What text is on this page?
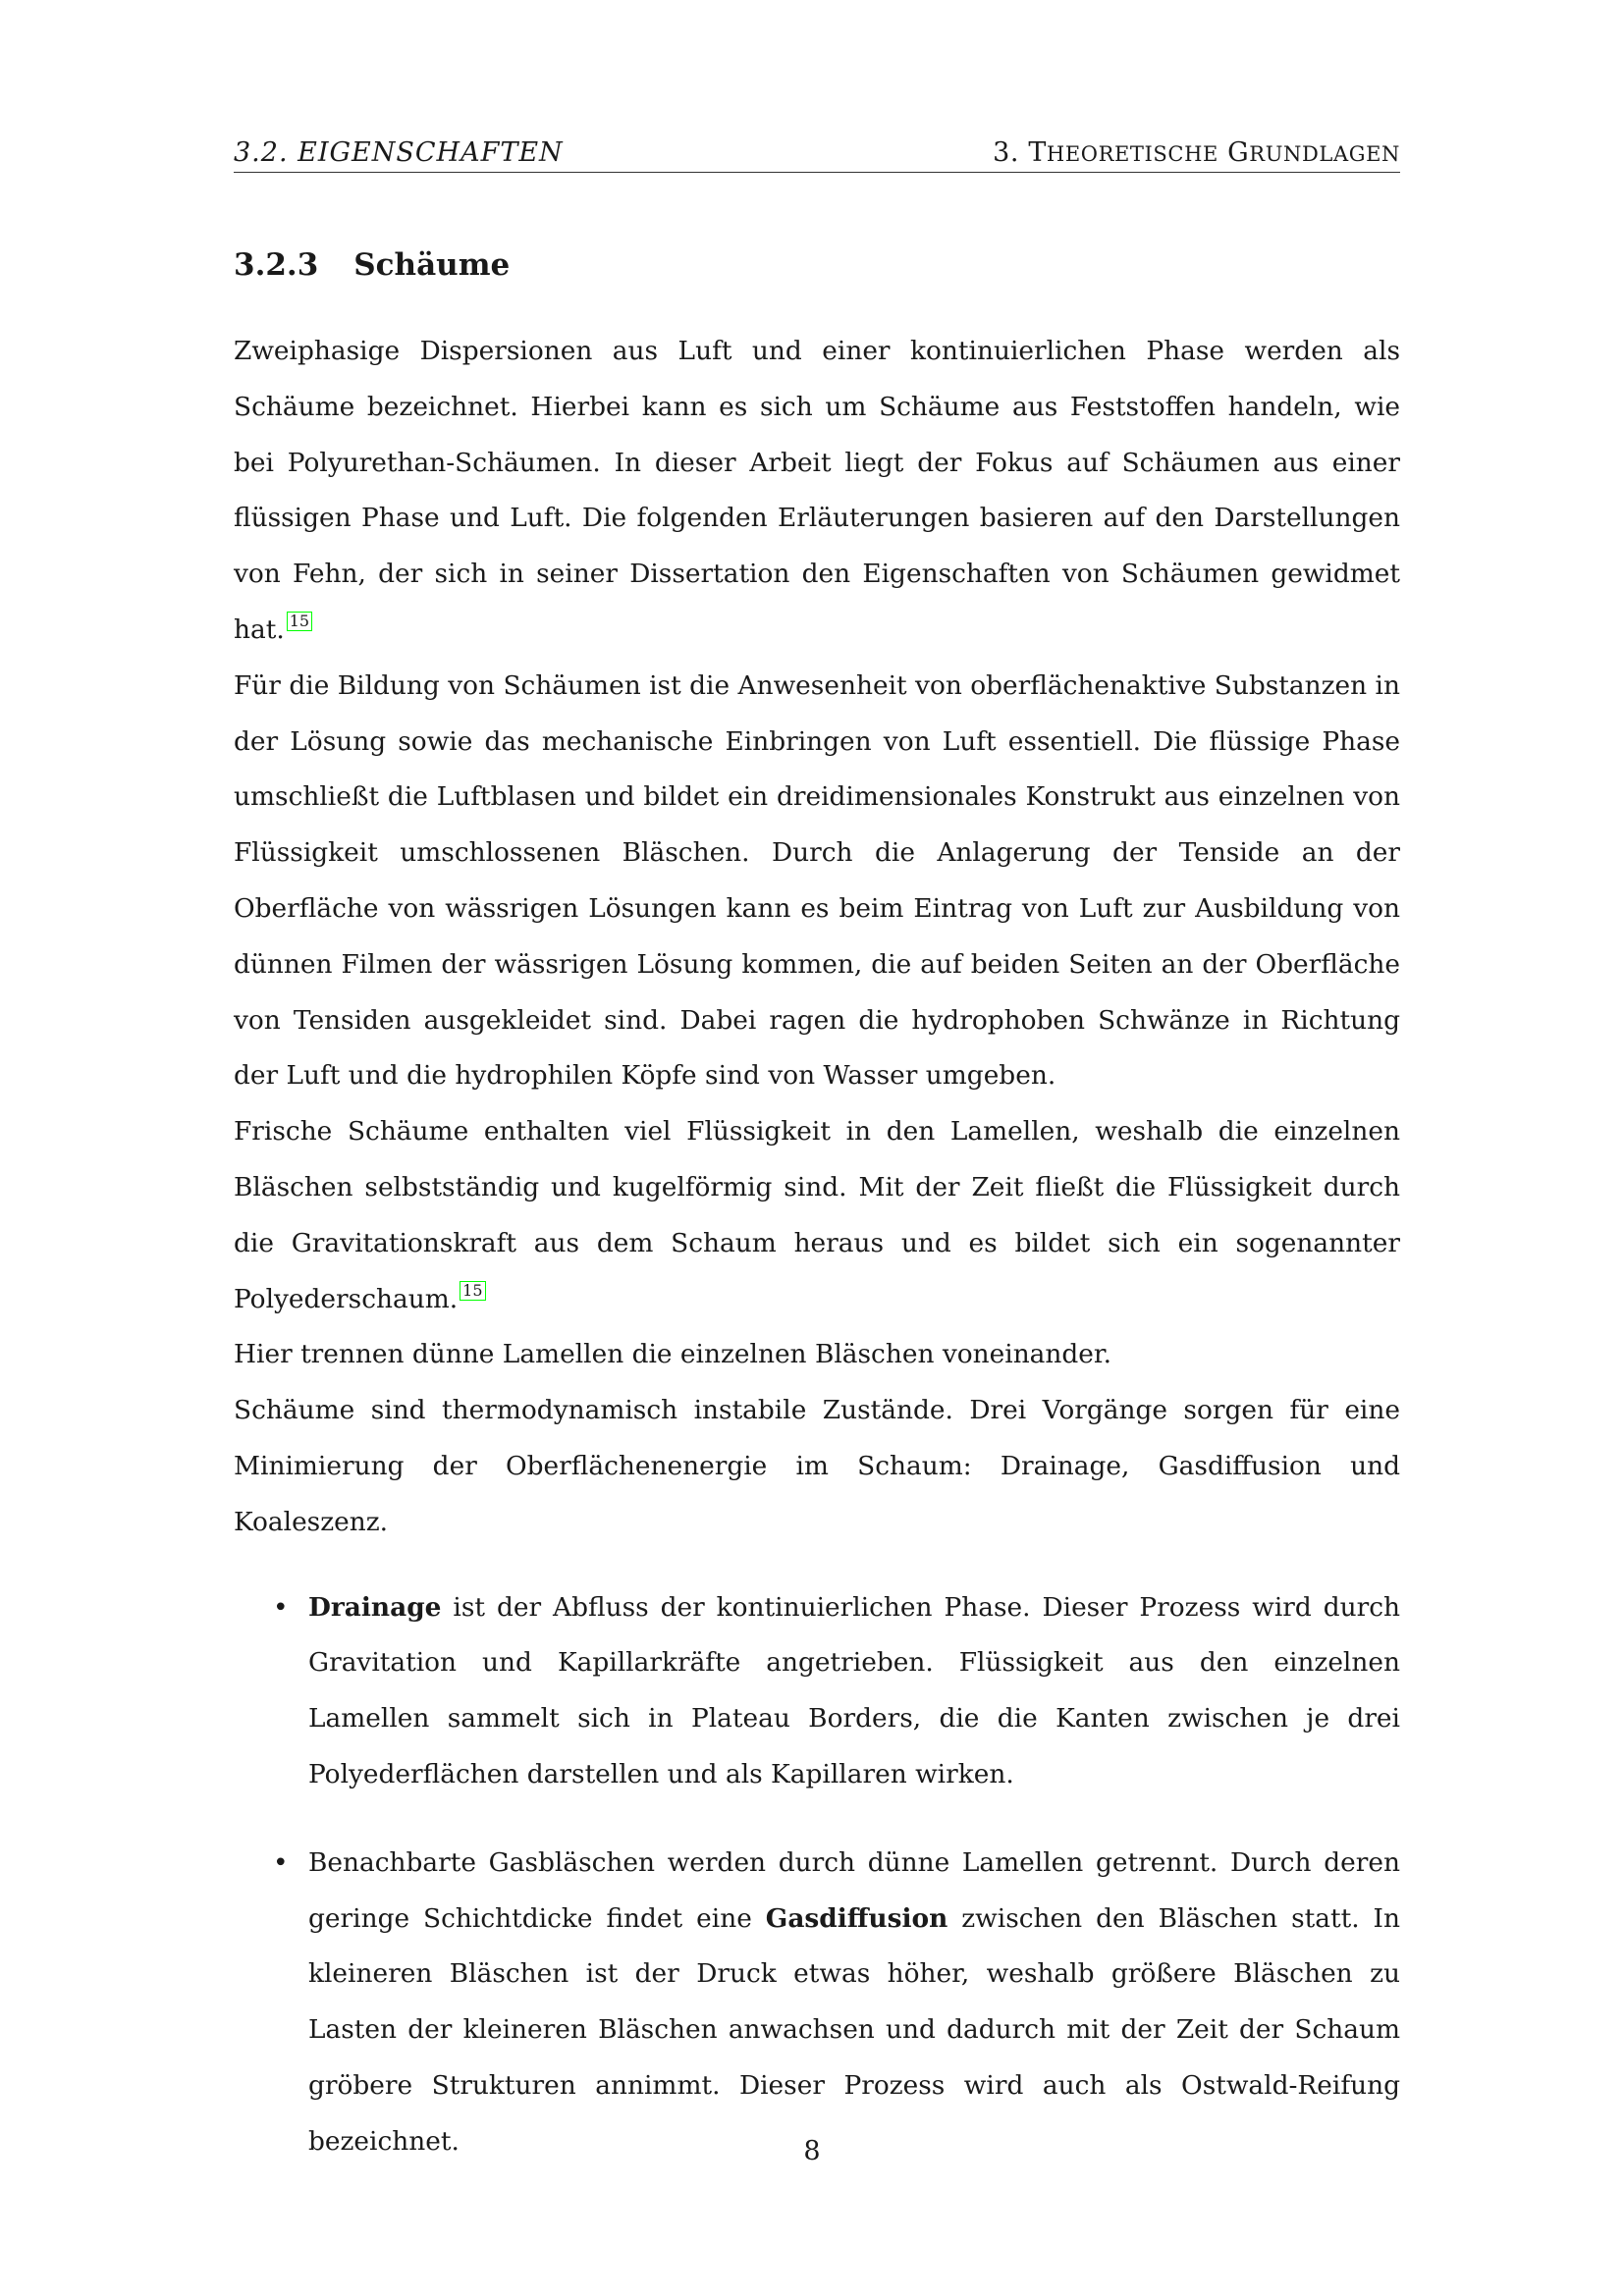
3.2. EIGENSCHAFTEN	3. THEORETISCHE GRUNDLAGEN
3.2.3 Schäume

Zweiphasige Dispersionen aus Luft und einer kontinuierlichen Phase werden als Schäume bezeichnet. Hierbei kann es sich um Schäume aus Feststoffen handeln, wie bei Polyurethan-Schäumen. In dieser Arbeit liegt der Fokus auf Schäumen aus einer flüssigen Phase und Luft. Die folgenden Erläuterungen basieren auf den Darstellungen von Fehn, der sich in seiner Dissertation den Eigenschaften von Schäumen gewidmet hat. 15

Für die Bildung von Schäumen ist die Anwesenheit von oberflächenaktive Substanzen in der Lösung sowie das mechanische Einbringen von Luft essentiell. Die flüssige Phase umschließt die Luftblasen und bildet ein dreidimensionales Konstrukt aus einzelnen von Flüssigkeit umschlossenen Bläschen. Durch die Anlagerung der Tenside an der Oberfläche von wässrigen Lösungen kann es beim Eintrag von Luft zur Ausbildung von dünnen Filmen der wässrigen Lösung kommen, die auf beiden Seiten an der Oberfläche von Tensiden ausgekleidet sind. Dabei ragen die hydrophoben Schwänze in Richtung der Luft und die hydrophilen Köpfe sind von Wasser umgeben.

Frische Schäume enthalten viel Flüssigkeit in den Lamellen, weshalb die einzelnen Bläschen selbstständig und kugelförmig sind. Mit der Zeit fließt die Flüssigkeit durch die Gravitationskraft aus dem Schaum heraus und es bildet sich ein sogenannter Polyederschaum. 15

Hier trennen dünne Lamellen die einzelnen Bläschen voneinander.

Schäume sind thermodynamisch instabile Zustände. Drei Vorgänge sorgen für eine Minimierung der Oberflächenenergie im Schaum: Drainage, Gasdiffusion und Koaleszenz.

• Drainage ist der Abfluss der kontinuierlichen Phase. Dieser Prozess wird durch Gravitation und Kapillarkräfte angetrieben. Flüssigkeit aus den einzelnen Lamellen sammelt sich in Plateau Borders, die die Kanten zwischen je drei Polyederflächen darstellen und als Kapillaren wirken.
• Benachbarte Gasbläschen werden durch dünne Lamellen getrennt. Durch deren geringe Schichtdicke findet eine Gasdiffusion zwischen den Bläschen statt. In kleineren Bläschen ist der Druck etwas höher, weshalb größere Bläschen zu Lasten der kleineren Bläschen anwachsen und dadurch mit der Zeit der Schaum gröbere Strukturen annimmt. Dieser Prozess wird auch als Ostwald-Reifung bezeichnet.	8
